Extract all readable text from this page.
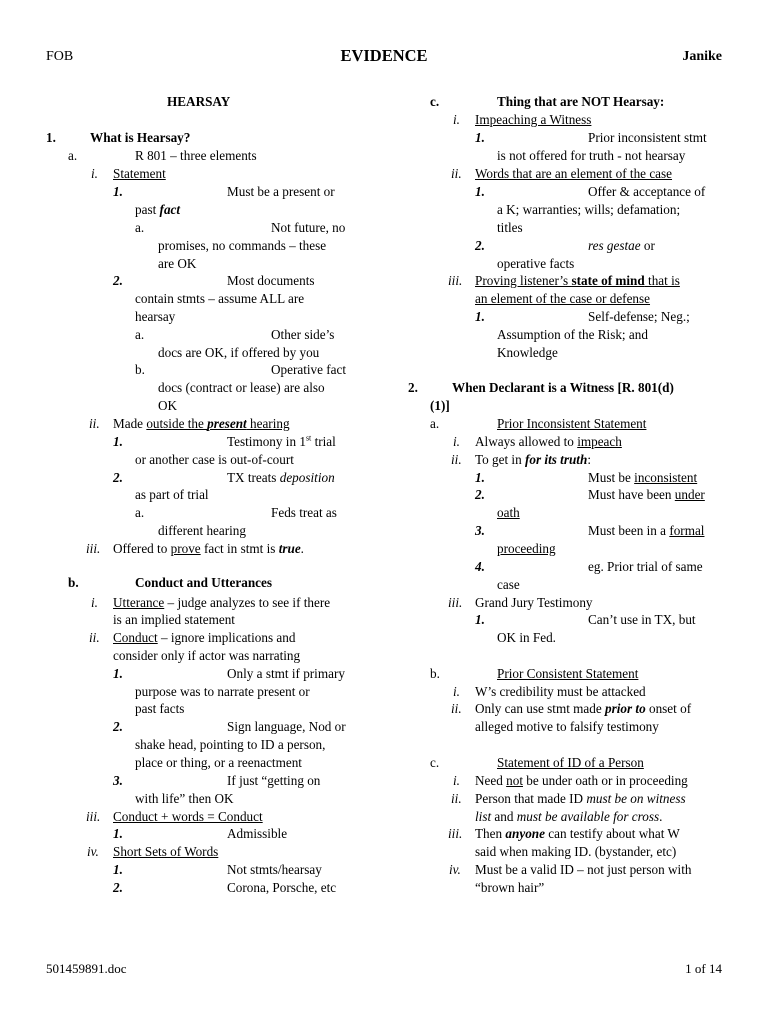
FOB	EVIDENCE	Janike
HEARSAY
1.	What is Hearsay?
a.	R 801 – three elements
i. Statement
1.	Must be a present or
past fact
a.	Not future, no
promises, no commands – these
are OK
2.	Most documents
contain stmts – assume ALL are
hearsay
a.	Other side’s
docs are OK, if offered by you
b.	Operative fact
docs (contract or lease) are also
OK
ii. Made outside the present hearing
1.	Testimony in 1st trial
or another case is out-of-court
2.	TX treats deposition
as part of trial
a.	Feds treat as
different hearing
iii. Offered to prove fact in stmt is true.
b.	Conduct and Utterances
i. Utterance – judge analyzes to see if there
is an implied statement
ii. Conduct – ignore implications and
consider only if actor was narrating
1.	Only a stmt if primary
purpose was to narrate present or
past facts
2.	Sign language, Nod or
shake head, pointing to ID a person,
place or thing, or a reenactment
3.	If just “getting on
with life” then OK
iii. Conduct + words = Conduct
1.	Admissible
iv. Short Sets of Words
1.	Not stmts/hearsay
2.	Corona, Porsche, etc
c.	Thing that are NOT Hearsay:
i. Impeaching a Witness
1.	Prior inconsistent stmt
is not offered for truth - not hearsay
ii. Words that are an element of the case
1.	Offer & acceptance of
a K; warranties; wills; defamation;
titles
2.	res gestae or
operative facts
iii. Proving listener’s state of mind that is
an element of the case or defense
1.	Self-defense; Neg.;
Assumption of the Risk; and
Knowledge
2.	When Declarant is a Witness [R. 801(d)
(1)]
a.	Prior Inconsistent Statement
i. Always allowed to impeach
ii. To get in for its truth:
1.	Must be inconsistent
2.	Must have been under
oath
3.	Must been in a formal
proceeding
4.	eg. Prior trial of same
case
iii. Grand Jury Testimony
1.	Can’t use in TX, but
OK in Fed.
b.	Prior Consistent Statement
i. W’s credibility must be attacked
ii. Only can use stmt made prior to onset of
alleged motive to falsify testimony
c.	Statement of ID of a Person
i. Need not be under oath or in proceeding
ii. Person that made ID must be on witness
list and must be available for cross.
iii. Then anyone can testify about what W
said when making ID. (bystander, etc)
iv. Must be a valid ID – not just person with
“brown hair”
501459891.doc	1 of 14
